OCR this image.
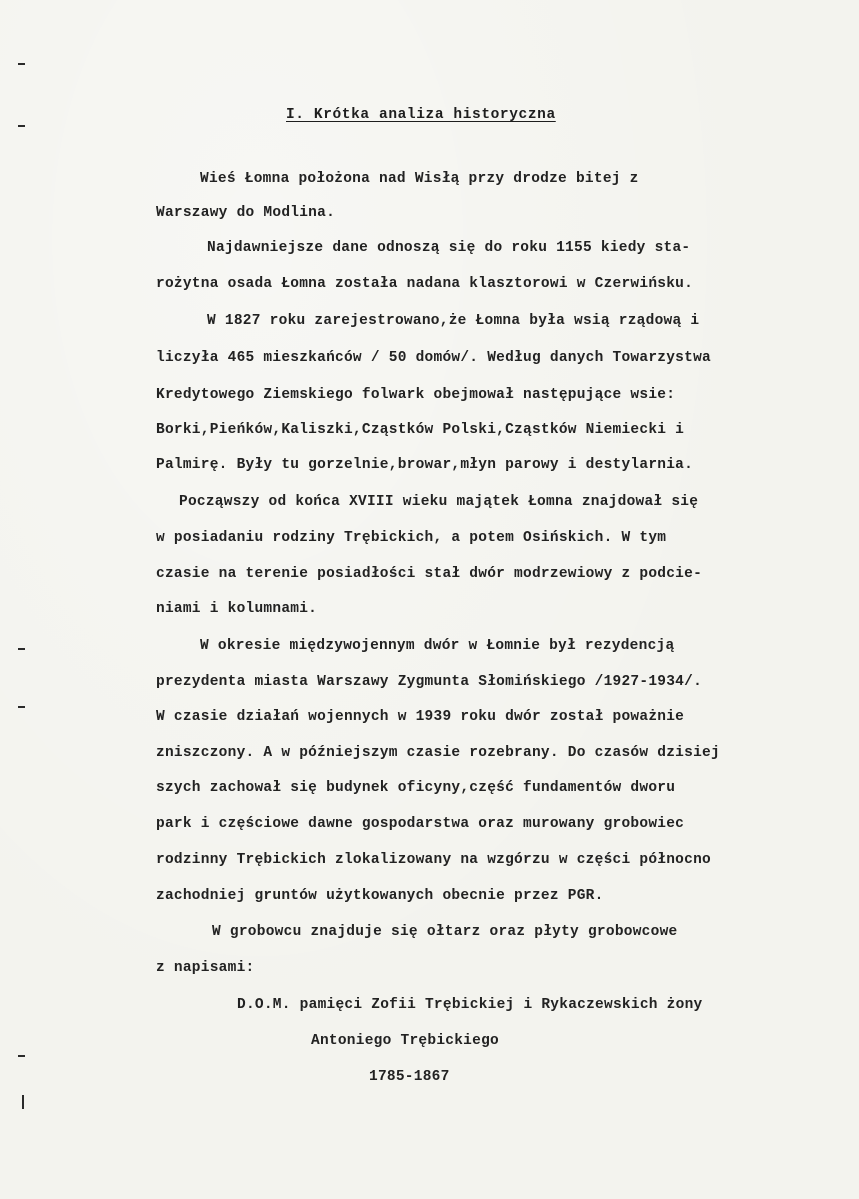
I. Krótka analiza historyczna
Wieś Łomna położona nad Wisłą przy drodze bitej z
Warszawy do Modlina.
Najdawniejsze dane odnoszą się do roku 1155 kiedy sta-
rożytna osada Łomna została nadana klasztorowi w Czerwińsku.
W 1827 roku zarejestrowano,że Łomna była wsią rządową i
liczyła 465 mieszkańców / 50 domów/. Według danych Towarzystwa
Kredytowego Ziemskiego folwark obejmował następujące wsie:
Borki,Pieńków,Kaliszki,Cząstków Polski,Cząstków Niemiecki i
Palmirę. Były tu gorzelnie,browar,młyn parowy i destylarnia.
Począwszy od końca XVIII wieku majątek Łomna znajdował się
w posiadaniu rodziny Trębickich, a potem Osińskich. W tym
czasie na terenie posiadłości stał dwór modrzewiowy z podcie-
niami i kolumnami.
W okresie międzywojennym dwór w Łomnie był rezydencją
prezydenta miasta Warszawy Zygmunta Słomińskiego /1927-1934/.
W czasie działań wojennych w 1939 roku dwór został poważnie
zniszczony. A w późniejszym czasie rozebrany. Do czasów dzisiej
szych zachował się budynek oficyny,część fundamentów dworu
park i częściowe dawne gospodarstwa oraz murowany grobowiec
rodzinny Trębickich zlokalizowany na wzgórzu w części północno
zachodniej gruntów użytkowanych obecnie przez PGR.
W grobowcu znajduje się ołtarz oraz płyty grobowcowe
z napisami:
D.O.M. pamięci Zofii Trębickiej i Rykaczewskich żony
Antoniego Trębickiego
1785-1867
